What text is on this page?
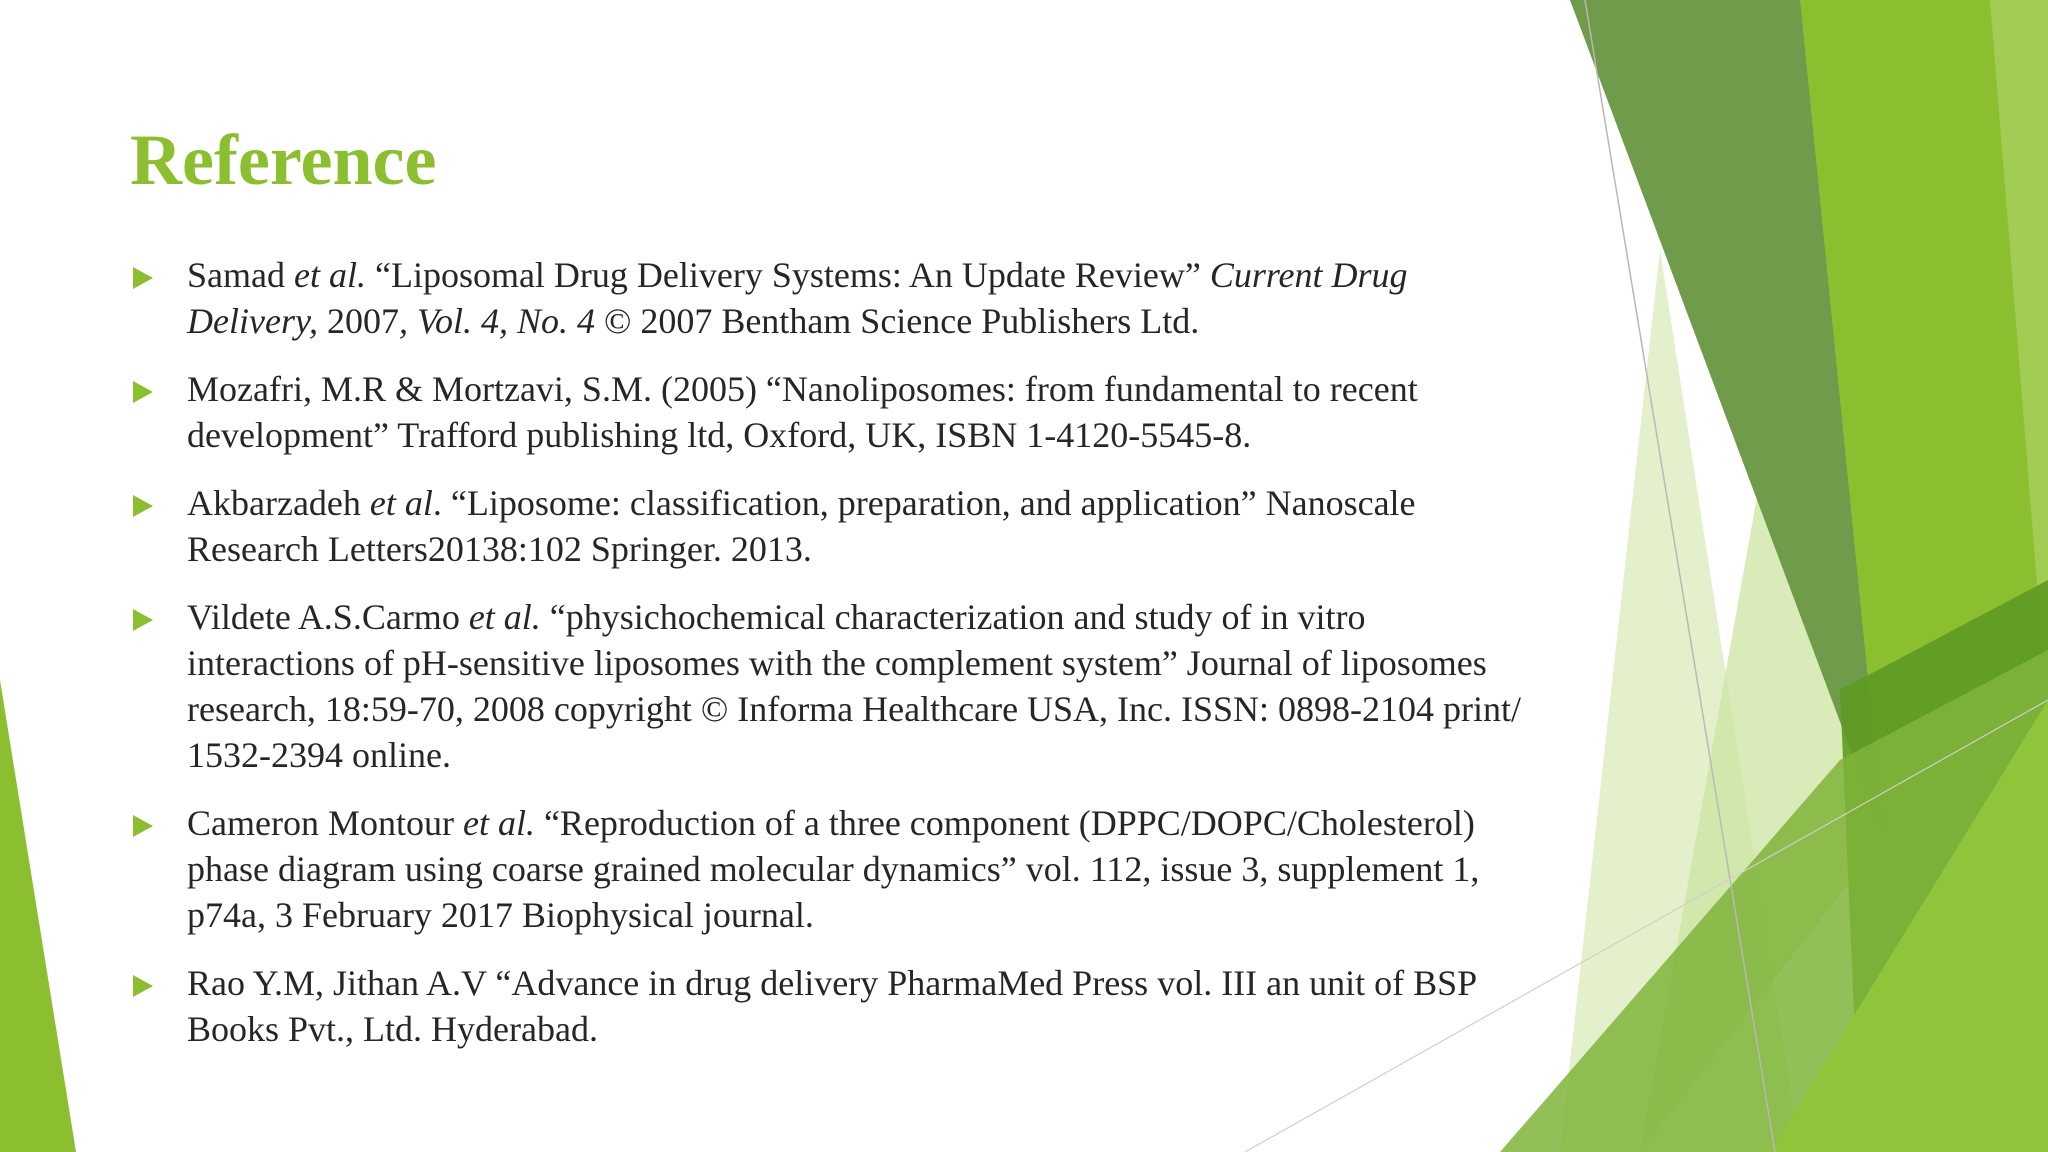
Reference
Samad et al. “Liposomal Drug Delivery Systems: An Update Review” Current Drug Delivery, 2007, Vol. 4, No. 4 © 2007 Bentham Science Publishers Ltd.
Mozafri, M.R & Mortzavi, S.M. (2005) “Nanoliposomes: from fundamental to recent development” Trafford publishing ltd, Oxford, UK, ISBN 1-4120-5545-8.
Akbarzadeh et al. “Liposome: classification, preparation, and application” Nanoscale Research Letters20138:102 Springer. 2013.
Vildete A.S.Carmo et al. “physichochemical characterization and study of in vitro interactions of pH-sensitive liposomes with the complement system” Journal of liposomes research, 18:59-70, 2008 copyright © Informa Healthcare USA, Inc. ISSN: 0898-2104 print/ 1532-2394 online.
Cameron Montour et al. “Reproduction of a three component (DPPC/DOPC/Cholesterol) phase diagram using coarse grained molecular dynamics” vol. 112, issue 3, supplement 1, p74a, 3 February 2017 Biophysical journal.
Rao Y.M, Jithan A.V “Advance in drug delivery PharmaMed Press vol. III an unit of BSP Books Pvt., Ltd. Hyderabad.
